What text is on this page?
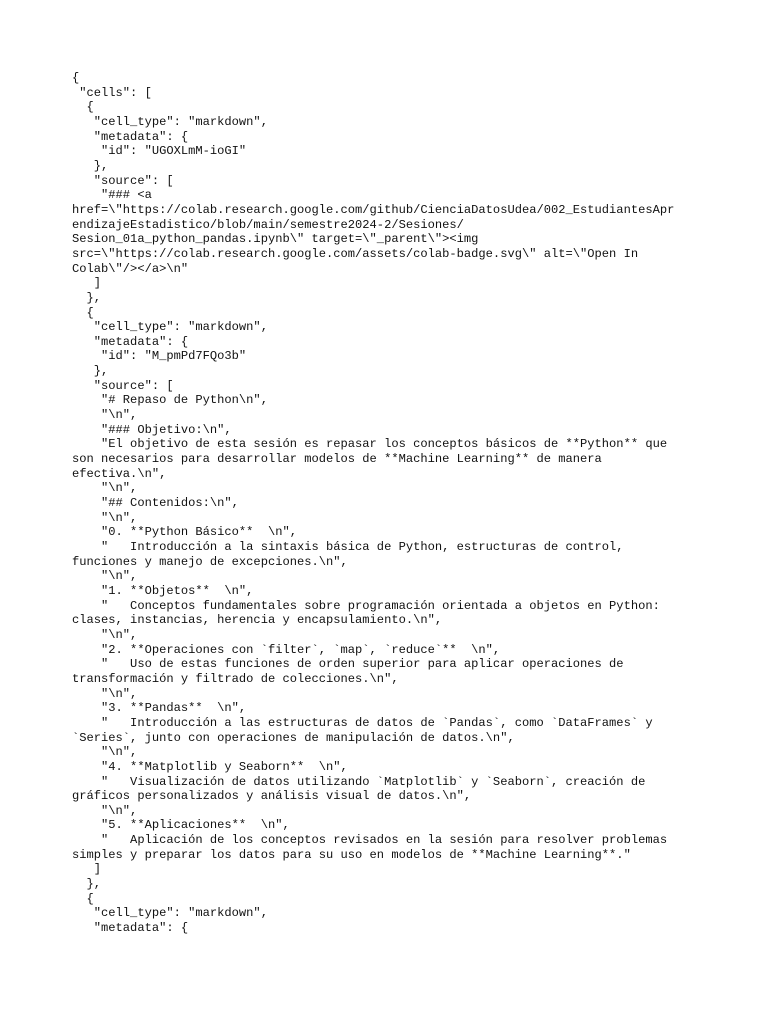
{
"cells": [
{
"cell_type": "markdown",
"metadata": {
"id": "UGOXLmM-ioGI"
},
"source": [
"### <a
href=\"https://colab.research.google.com/github/CienciaDatosUdea/002_EstudiantesApr
endizajeEstadistico/blob/main/semestre2024-2/Sesiones/
Sesion_01a_python_pandas.ipynb\" target=\"_parent\"><img
src=\"https://colab.research.google.com/assets/colab-badge.svg\" alt=\"Open In
Colab\"/></a>\n"
]
},
{
"cell_type": "markdown",
"metadata": {
"id": "M_pmPd7FQo3b"
},
"source": [
"# Repaso de Python\n",
"\n",
"### Objetivo:\n",
"El objetivo de esta sesión es repasar los conceptos básicos de **Python** que
son necesarios para desarrollar modelos de **Machine Learning** de manera
efectiva.\n",
"\n",
"## Contenidos:\n",
"\n",
"0. **Python Básico**  \n",
"   Introducción a la sintaxis básica de Python, estructuras de control,
funciones y manejo de excepciones.\n",
"\n",
"1. **Objetos**  \n",
"   Conceptos fundamentales sobre programación orientada a objetos en Python:
clases, instancias, herencia y encapsulamiento.\n",
"\n",
"2. **Operaciones con `filter`, `map`, `reduce`**  \n",
"   Uso de estas funciones de orden superior para aplicar operaciones de
transformación y filtrado de colecciones.\n",
"\n",
"3. **Pandas**  \n",
"   Introducción a las estructuras de datos de `Pandas`, como `DataFrames` y
`Series`, junto con operaciones de manipulación de datos.\n",
"\n",
"4. **Matplotlib y Seaborn**  \n",
"   Visualización de datos utilizando `Matplotlib` y `Seaborn`, creación de
gráficos personalizados y análisis visual de datos.\n",
"\n",
"5. **Aplicaciones**  \n",
"   Aplicación de los conceptos revisados en la sesión para resolver problemas
simples y preparar los datos para su uso en modelos de **Machine Learning**."
]
},
{
"cell_type": "markdown",
"metadata": {
